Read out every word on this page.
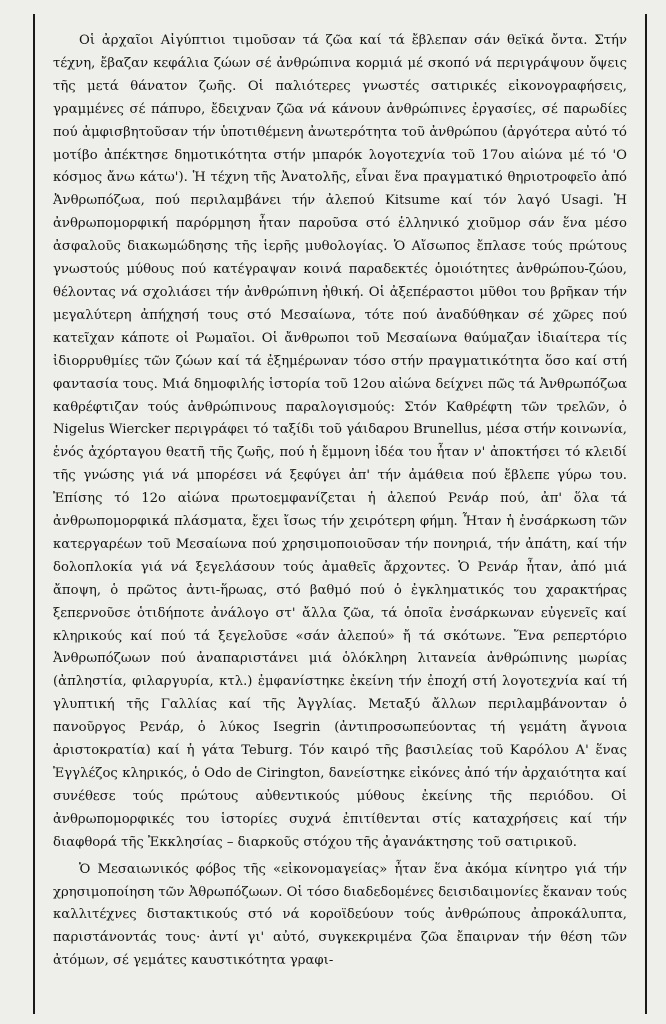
Οἱ ἀρχαῖοι Αἰγύπτιοι τιμοῦσαν τά ζῶα καί τά ἔβλεπαν σάν θεϊκά ὄντα. Στήν τέχνη, ἔβαζαν κεφάλια ζώων σέ ἀνθρώπινα κορμιά μέ σκοπό νά περιγράψουν ὄψεις τῆς μετά θάνατον ζωῆς. Οἱ παλιότερες γνωστές σατιρικές εἰκονογραφήσεις, γραμμένες σέ πάπυρο, ἔδειχναν ζῶα νά κάνουν ἀνθρώπινες ἐργασίες, σέ παρωδίες πού ἀμφισβητοῦσαν τήν ὑποτιθέμενη ἀνωτερότητα τοῦ ἀνθρώπου (ἀργότερα αὐτό τό μοτίβο ἀπέκτησε δημοτικότητα στήν μπαρόκ λογοτεχνία τοῦ 17ου αἰώνα μέ τό 'Ο κόσμος ἄνω κάτω'). Ἡ τέχνη τῆς Ἀνατολῆς, εἶναι ἕνα πραγματικό θηριοτροφεῖο ἀπό Ἀνθρωπόζωα, πού περιλαμβάνει τήν ἀλεπού Kitsume καί τόν λαγό Usagi. Ἡ ἀνθρωπομορφική παρόρμηση ἦταν παροῦσα στό ἑλληνικό χιοῦμορ σάν ἕνα μέσο ἀσφαλοῦς διακωμώδησης τῆς ἱερῆς μυθολογίας. Ὁ Αἴσωπος ἔπλασε τούς πρώτους γνωστούς μύθους πού κατέγραψαν κοινά παραδεκτές ὁμοιότητες ἀνθρώπου-ζώου, θέλοντας νά σχολιάσει τήν ἀνθρώπινη ἠθική. Οἱ ἀξεπέραστοι μῦθοι του βρῆκαν τήν μεγαλύτερη ἀπήχησή τους στό Μεσαίωνα, τότε πού ἀναδύθηκαν σέ χῶρες πού κατεῖχαν κάποτε οἱ Ρωμαῖοι. Οἱ ἄνθρωποι τοῦ Μεσαίωνα θαύμαζαν ἰδιαίτερα τίς ἰδιορρυθμίες τῶν ζώων καί τά ἐξημέρωναν τόσο στήν πραγματικότητα ὅσο καί στή φαντασία τους. Μιά δημοφιλής ἱστορία τοῦ 12ου αἰώνα δείχνει πῶς τά Ἀνθρωπόζωα καθρέφτιζαν τούς ἀνθρώπινους παραλογισμούς: Στόν Καθρέφτη τῶν τρελῶν, ὁ Nigelus Wiercker περιγράφει τό ταξίδι τοῦ γάιδαρου Brunellus, μέσα στήν κοινωνία, ἑνός ἀχόρταγου θεατῆ τῆς ζωῆς, πού ἡ ἔμμονη ἰδέα του ἦταν ν' ἀποκτήσει τό κλειδί τῆς γνώσης γιά νά μπορέσει νά ξεφύγει ἀπ' τήν ἀμάθεια πού ἔβλεπε γύρω του. Ἐπίσης τό 12ο αἰώνα πρωτοεμφανίζεται ἡ ἀλεπού Ρενάρ πού, ἀπ' ὅλα τά ἀνθρωπομορφικά πλάσματα, ἔχει ἴσως τήν χειρότερη φήμη. Ἦταν ἡ ἐνσάρκωση τῶν κατεργαρέων τοῦ Μεσαίωνα πού χρησιμοποιοῦσαν τήν πονηριά, τήν ἀπάτη, καί τήν δολοπλοκία γιά νά ξεγελάσουν τούς ἀμαθεῖς ἄρχοντες. Ὁ Ρενάρ ἦταν, ἀπό μιά ἄποψη, ὁ πρῶτος ἀντι-ἥρωας, στό βαθμό πού ὁ ἐγκληματικός του χαρακτήρας ξεπερνοῦσε ὁτιδήποτε ἀνάλογο στ' ἄλλα ζῶα, τά ὁποῖα ἐνσάρκωναν εὐγενεῖς καί κληρικούς καί πού τά ξεγελοῦσε «σάν ἀλεπού» ἤ τά σκότωνε. Ἕνα ρεπερτόριο Ἀνθρωπόζωων πού ἀναπαριστάνει μιά ὁλόκληρη λιτανεία ἀνθρώπινης μωρίας (ἀπληστία, φιλαργυρία, κτλ.) ἐμφανίστηκε ἐκείνη τήν ἐποχή στή λογοτεχνία καί τή γλυπτική τῆς Γαλλίας καί τῆς Ἀγγλίας. Μεταξύ ἄλλων περιλαμβάνονταν ὁ πανοῦργος Ρενάρ, ὁ λύκος Isegrin (ἀντιπροσωπεύοντας τή γεμάτη ἄγνοια ἀριστοκρατία) καί ἡ γάτα Teburg. Τόν καιρό τῆς βασιλείας τοῦ Καρόλου Α' ἕνας Ἐγγλέζος κληρικός, ὁ Odo de Cirington, δανείστηκε εἰκόνες ἀπό τήν ἀρχαιότητα καί συνέθεσε τούς πρώτους αὐθεντικούς μύθους ἐκείνης τῆς περιόδου. Οἱ ἀνθρωπομορφικές του ἱστορίες συχνά ἐπιτίθενται στίς καταχρήσεις καί τήν διαφθορά τῆς Ἐκκλησίας – διαρκοῦς στόχου τῆς ἀγανάκτησης τοῦ σατιρικοῦ.

Ὁ Μεσαιωνικός φόβος τῆς «εἰκονομαγείας» ἦταν ἕνα ἀκόμα κίνητρο γιά τήν χρησιμοποίηση τῶν Ἀθρωπόζωων. Οἱ τόσο διαδεδομένες δεισιδαιμονίες ἔκαναν τούς καλλιτέχνες διστακτικούς στό νά κοροϊδεύουν τούς ἀνθρώπους ἀπροκάλυπτα, παριστάνοντάς τους· ἀντί γι' αὐτό, συγκεκριμένα ζῶα ἔπαιρναν τήν θέση τῶν ἀτόμων, σέ γεμάτες καυστικότητα γραφι-
